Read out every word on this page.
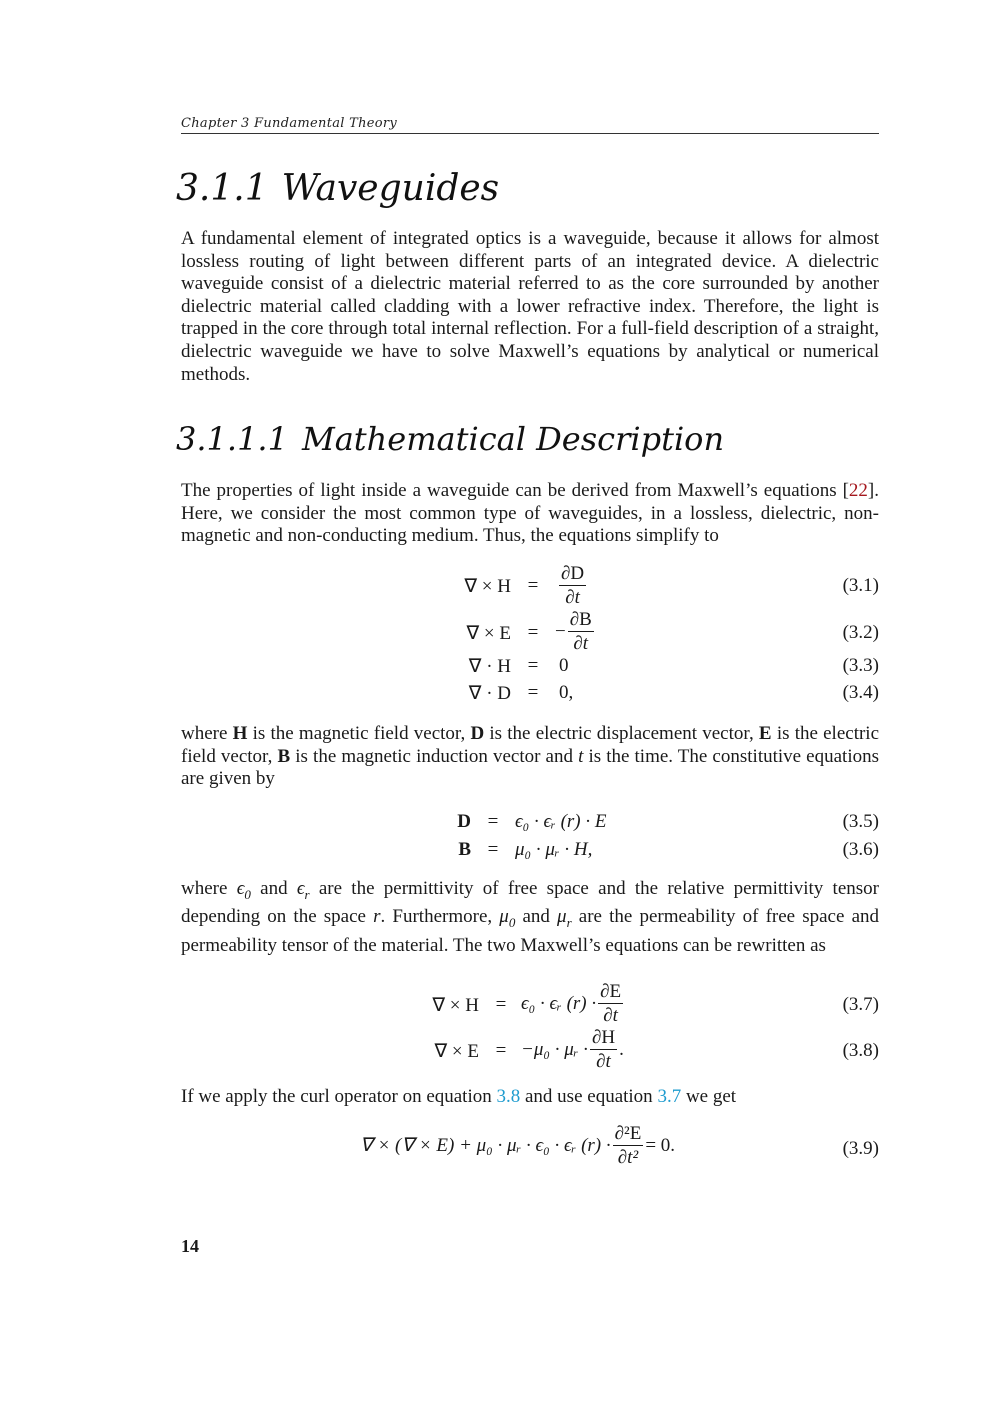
Chapter 3 Fundamental Theory
3.1.1 Waveguides

A fundamental element of integrated optics is a waveguide, because it allows for almost lossless routing of light between different parts of an integrated device. A dielectric waveguide consist of a dielectric material referred to as the core surrounded by another dielectric material called cladding with a lower refractive index. Therefore, the light is trapped in the core through total internal reflection. For a full-field description of a straight, dielectric waveguide we have to solve Maxwell’s equations by analytical or numerical methods.

3.1.1.1 Mathematical Description

The properties of light inside a waveguide can be derived from Maxwell’s equations [22]. Here, we consider the most common type of waveguides, in a lossless, dielectric, non-magnetic and non-conducting medium. Thus, the equations simplify to

∇ × $H = \frac{\partial D}{\partial t}$	(3.1)
∇ × E = − $\frac{\partial B}{\partial t}$	(3.2)
∇ · H = 0	(3.3)
∇ · D = 0,	(3.4)

where H is the magnetic field vector, D is the electric displacement vector, E is the electric field vector, B is the magnetic induction vector and t is the time. The constitutive equations are given by

D = ϵ₀ · ϵᵣ (r) · E	(3.5)
B = μ₀ · μᵣ · H,	(3.6)

where $\epsilon_0$ and $\epsilon_r$ are the permittivity of free space and the relative permittivity tensor depending on the space r. Furthermore, $\mu_0$ and $\mu_r$ are the permeability of free space and permeability tensor of the material. The two Maxwell’s equations can be rewritten as

∇ × H = ϵ₀ · ϵᵣ $(r) \cdot \frac{\partial E}{\partial t}$	(3.7)
∇ × E = −μ₀ · μᵣ · $\frac{\partial H}{\partial t}$ .	(3.8)

If we apply the curl operator on equation 3.8 and use equation 3.7 we get

∇ × (∇ × E) + μ₀ · μᵣ · ϵ₀ · ϵᵣ $(r) \cdot \frac{\text{∂²E}}{\text{∂t²}} = 0$.	(3.9)
14
